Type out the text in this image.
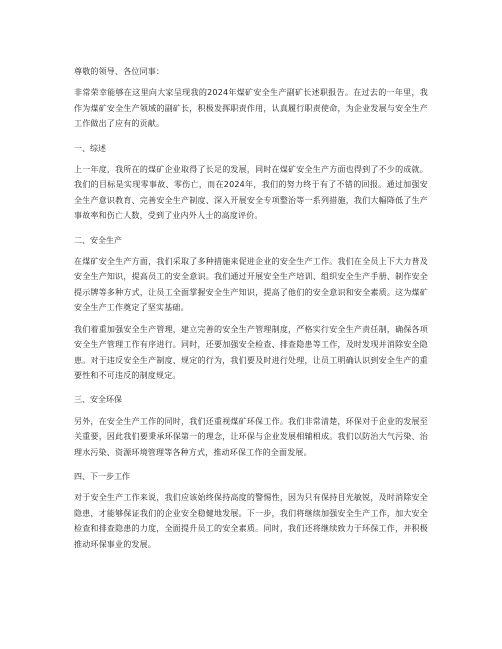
尊敬的领导、各位同事：

非常荣幸能够在这里向大家呈现我的2024年煤矿安全生产副矿长述职报告。在过去的一年里，我作为煤矿安全生产领域的副矿长，积极发挥职责作用，认真履行职责使命，为企业发展与安全生产工作做出了应有的贡献。

一、综述

上一年度，我所在的煤矿企业取得了长足的发展，同时在煤矿安全生产方面也得到了不少的成就。我们的目标是实现零事故、零伤亡，而在2024年，我们的努力终于有了不错的回报。通过加强安全生产意识教育、完善安全生产制度、深入开展安全专项整治等一系列措施，我们大幅降低了生产事故率和伤亡人数，受到了业内外人士的高度评价。

二、安全生产

在煤矿安全生产方面，我们采取了多种措施来促进企业的安全生产工作。我们在全员上下大力普及安全生产知识，提高员工的安全意识。我们通过开展安全生产培训、组织安全生产手册、制作安全提示牌等多种方式，让员工全面掌握安全生产知识，提高了他们的安全意识和安全素质。这为煤矿安全生产工作奠定了坚实基础。

我们着重加强安全生产管理，建立完善的安全生产管理制度，严格实行安全生产责任制，确保各项安全生产管理工作有序进行。同时，还要加强安全检查、排查隐患等工作，及时发现并消除安全隐患。对于违反安全生产制度、规定的行为，我们要及时进行处理，让员工明确认识到安全生产的重要性和不可违反的制度规定。

三、安全环保

另外，在安全生产工作的同时，我们还重视煤矿环保工作。我们非常清楚，环保对于企业的发展至关重要，因此我们要秉承环保第一的理念，让环保与企业发展相辅相成。我们以防治大气污染、治理水污染、资源环境管理等各种方式，推动环保工作的全面发展。

四、下一步工作

对于安全生产工作来说，我们应该始终保持高度的警惕性，因为只有保持目光敏锐，及时消除安全隐患，才能够保证我们的企业安全稳健地发展。下一步，我们将继续加强安全生产工作，加大安全检查和排查隐患的力度，全面提升员工的安全素质。同时，我们还将继续致力于环保工作，并积极推动环保事业的发展。
